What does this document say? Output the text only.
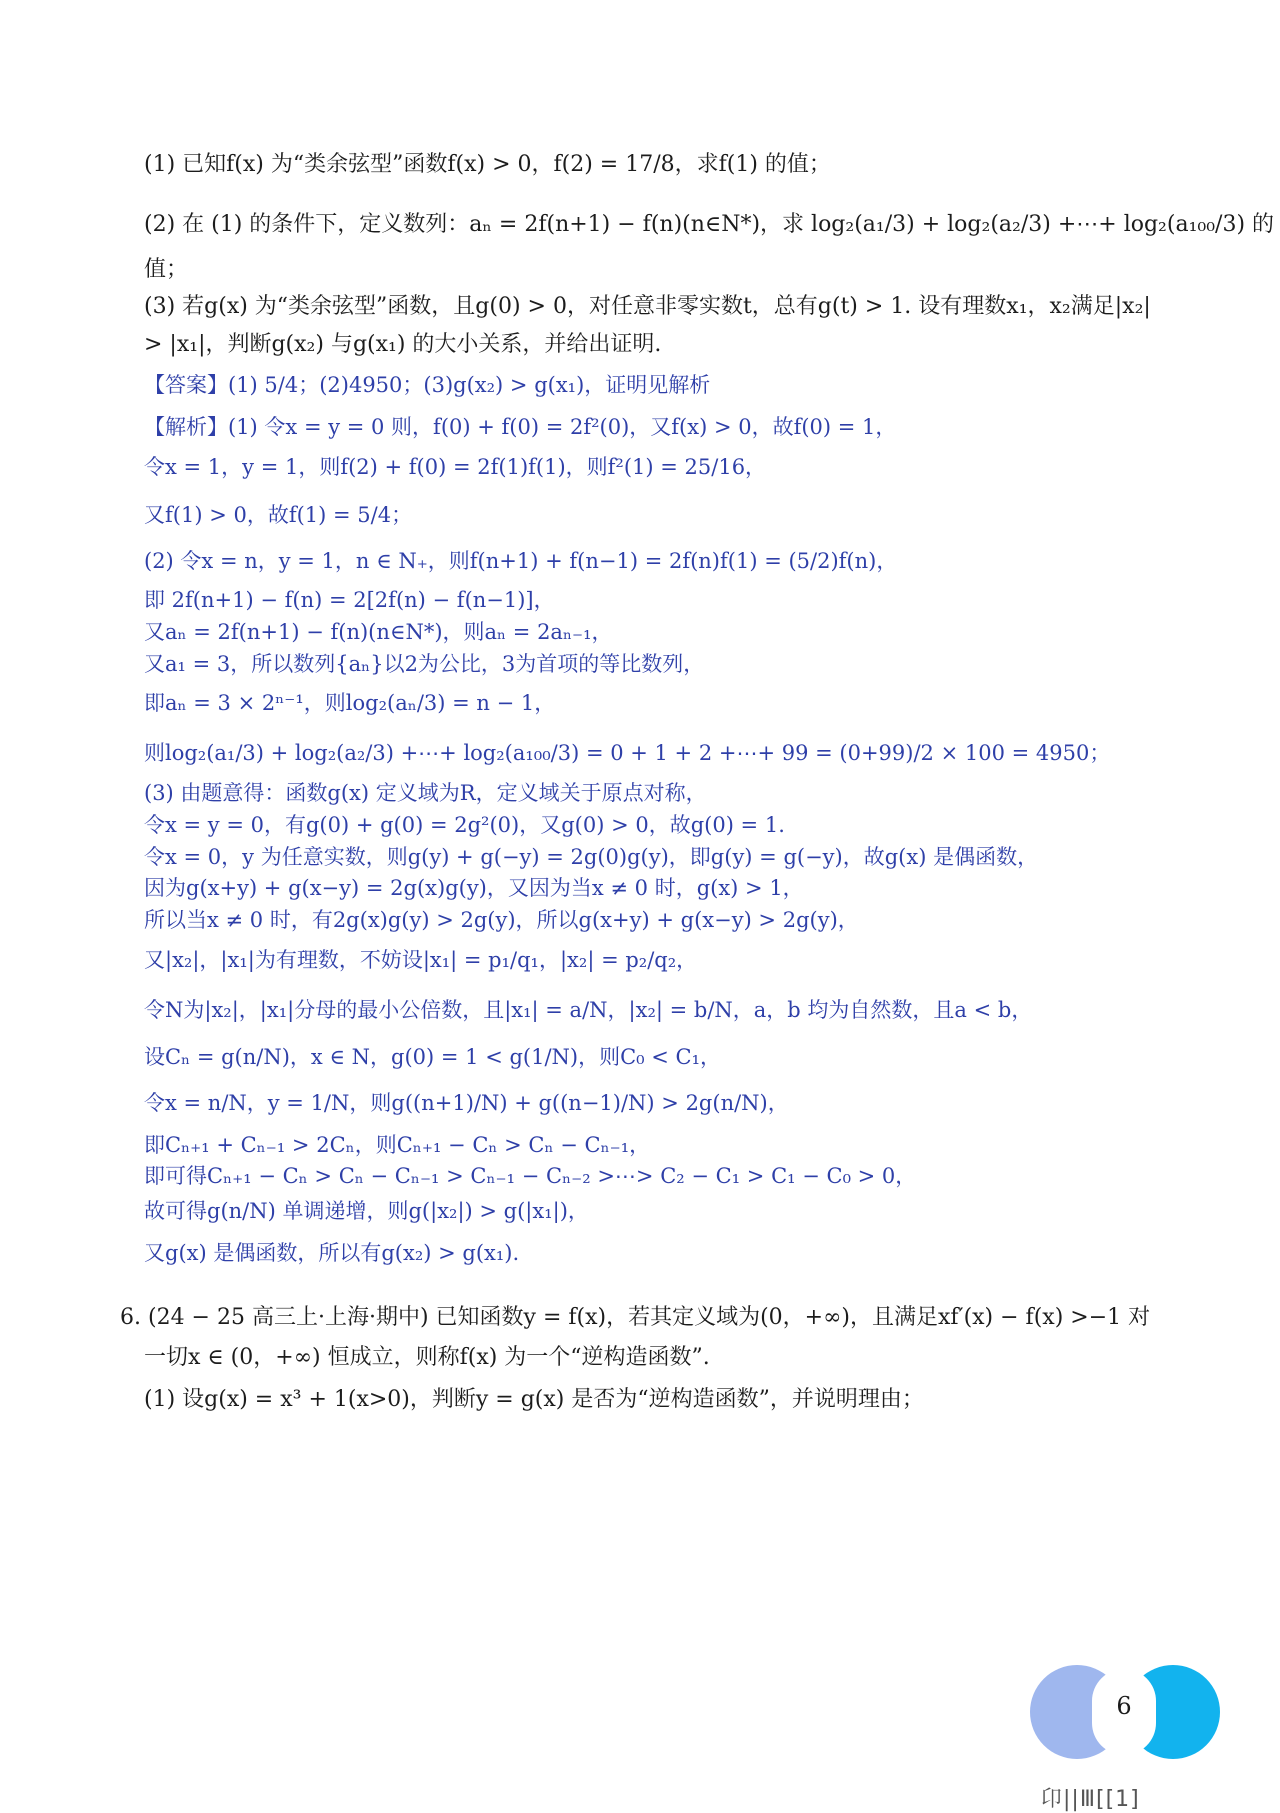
(1) 已知f(x) 为“类余弦型”函数f(x) > 0，f(2) = 17/8，求f(1) 的值；
(2) 在 (1) 的条件下，定义数列：aₙ = 2f(n+1) − f(n)(n∈N*)，求 log₂(a₁/3) + log₂(a₂/3) +⋯+ log₂(a₁₀₀/3) 的
值；
(3) 若g(x) 为“类余弦型”函数，且g(0) > 0，对任意非零实数t，总有g(t) > 1. 设有理数x₁，x₂满足|x₂|
> |x₁|，判断g(x₂) 与g(x₁) 的大小关系，并给出证明.
【答案】(1) 5/4；(2)4950；(3)g(x₂) > g(x₁)，证明见解析
【解析】(1) 令x = y = 0 则，f(0) + f(0) = 2f²(0)，又f(x) > 0，故f(0) = 1，
令x = 1，y = 1，则f(2) + f(0) = 2f(1)f(1)，则f²(1) = 25/16，
又f(1) > 0，故f(1) = 5/4；
(2) 令x = n，y = 1，n ∈ N₊，则f(n+1) + f(n−1) = 2f(n)f(1) = (5/2)f(n)，
即 2f(n+1) − f(n) = 2[2f(n) − f(n−1)]，
又aₙ = 2f(n+1) − f(n)(n∈N*)，则aₙ = 2aₙ₋₁，
又a₁ = 3，所以数列{aₙ}以2为公比，3为首项的等比数列，
即aₙ = 3 × 2ⁿ⁻¹，则log₂(aₙ/3) = n − 1，
则log₂(a₁/3) + log₂(a₂/3) +⋯+ log₂(a₁₀₀/3) = 0 + 1 + 2 +⋯+ 99 = (0+99)/2 × 100 = 4950；
(3) 由题意得：函数g(x) 定义域为R，定义域关于原点对称，
令x = y = 0，有g(0) + g(0) = 2g²(0)，又g(0) > 0，故g(0) = 1.
令x = 0，y 为任意实数，则g(y) + g(−y) = 2g(0)g(y)，即g(y) = g(−y)，故g(x) 是偶函数，
因为g(x+y) + g(x−y) = 2g(x)g(y)，又因为当x ≠ 0 时，g(x) > 1，
所以当x ≠ 0 时，有2g(x)g(y) > 2g(y)，所以g(x+y) + g(x−y) > 2g(y)，
又|x₂|，|x₁|为有理数，不妨设|x₁| = p₁/q₁，|x₂| = p₂/q₂，
令N为|x₂|，|x₁|分母的最小公倍数，且|x₁| = a/N，|x₂| = b/N，a，b 均为自然数，且a < b，
设Cₙ = g(n/N)，x ∈ N，g(0) = 1 < g(1/N)，则C₀ < C₁，
令x = n/N，y = 1/N，则g((n+1)/N) + g((n−1)/N) > 2g(n/N)，
即Cₙ₊₁ + Cₙ₋₁ > 2Cₙ，则Cₙ₊₁ − Cₙ > Cₙ − Cₙ₋₁，
即可得Cₙ₊₁ − Cₙ > Cₙ − Cₙ₋₁ > Cₙ₋₁ − Cₙ₋₂ >⋯> C₂ − C₁ > C₁ − C₀ > 0，
故可得g(n/N) 单调递增，则g(|x₂|) > g(|x₁|)，
又g(x) 是偶函数，所以有g(x₂) > g(x₁).
6. (24 − 25 高三上·上海·期中) 已知函数y = f(x)，若其定义域为(0，+∞)，且满足xf′(x) − f(x) >−1 对
一切x ∈ (0，+∞) 恒成立，则称f(x) 为一个“逆构造函数”.
(1) 设g(x) = x³ + 1(x>0)，判断y = g(x) 是否为“逆构造函数”，并说明理由；
6
卬||Ⅲ[[1]
